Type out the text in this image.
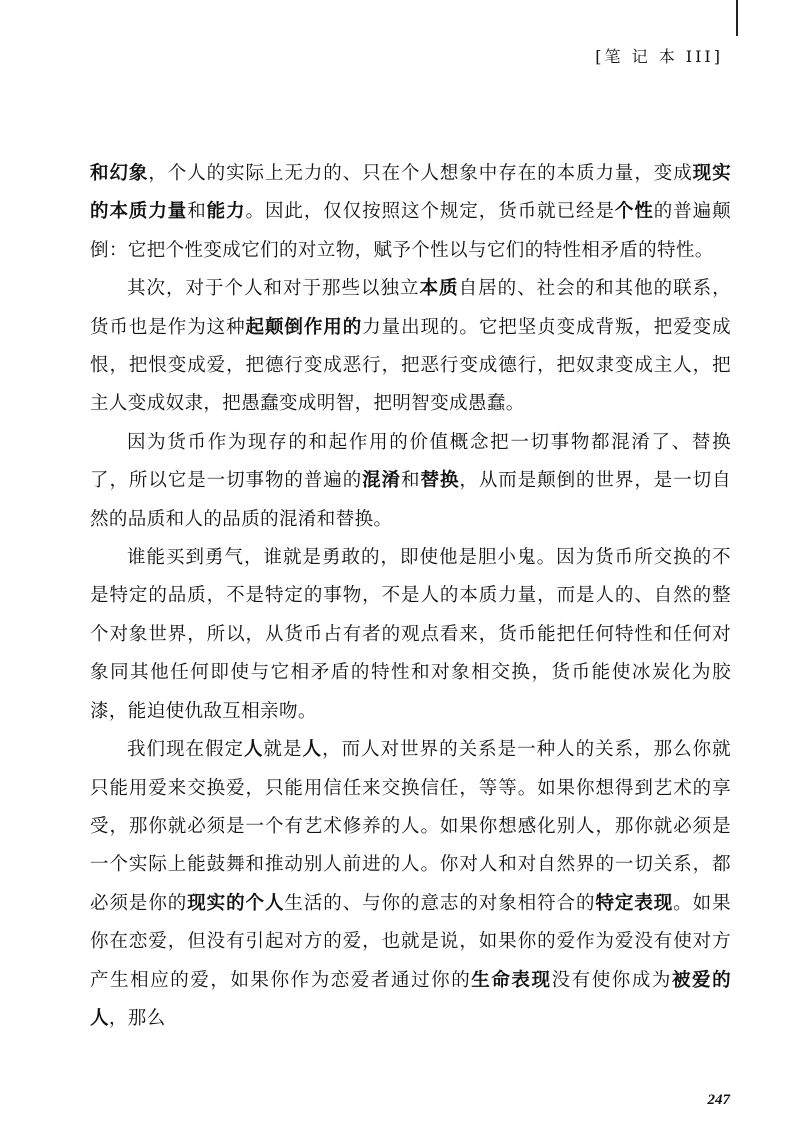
[笔 记 本 III]

和幻象，个人的实际上无力的、只在个人想象中存在的本质力量，变成现实的本质力量和能力。因此，仅仅按照这个规定，货币就已经是个性的普遍颠倒：它把个性变成它们的对立物，赋予个性以与它们的特性相矛盾的特性。

其次，对于个人和对于那些以独立本质自居的、社会的和其他的联系，货币也是作为这种起颠倒作用的力量出现的。它把坚贞变成背叛，把爱变成恨，把恨变成爱，把德行变成恶行，把恶行变成德行，把奴隶变成主人，把主人变成奴隶，把愚蠢变成明智，把明智变成愚蠢。

因为货币作为现存的和起作用的价值概念把一切事物都混淆了、替换了，所以它是一切事物的普遍的混淆和替换，从而是颠倒的世界，是一切自然的品质和人的品质的混淆和替换。

谁能买到勇气，谁就是勇敢的，即使他是胆小鬼。因为货币所交换的不是特定的品质，不是特定的事物，不是人的本质力量，而是人的、自然的整个对象世界，所以，从货币占有者的观点看来，货币能把任何特性和任何对象同其他任何即使与它相矛盾的特性和对象相交换，货币能使冰炭化为胶漆，能迫使仇敌互相亲吻。

我们现在假定人就是人，而人对世界的关系是一种人的关系，那么你就只能用爱来交换爱，只能用信任来交换信任，等等。如果你想得到艺术的享受，那你就必须是一个有艺术修养的人。如果你想感化别人，那你就必须是一个实际上能鼓舞和推动别人前进的人。你对人和对自然界的一切关系，都必须是你的现实的个人生活的、与你的意志的对象相符合的特定表现。如果你在恋爱，但没有引起对方的爱，也就是说，如果你的爱作为爱没有使对方产生相应的爱，如果你作为恋爱者通过你的生命表现没有使你成为被爱的人，那么

247
